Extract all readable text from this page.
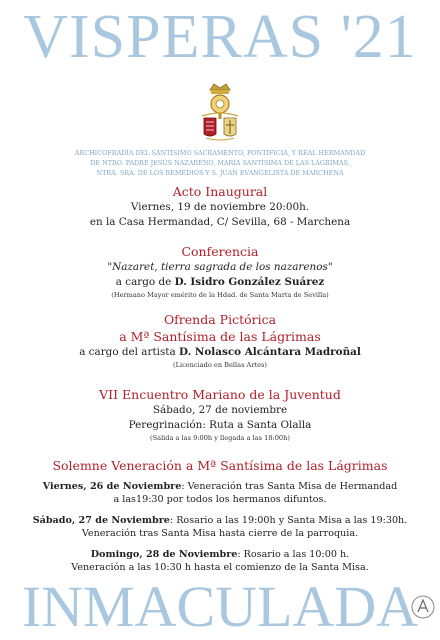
VISPERAS '21
ARCHICOFRADÍA DEL SANTÍSIMO SACRAMENTO, PONTIFICIA, Y REAL HERMANDAD
DE NTRO. PADRE JESÚS NAZARENO, MARÍA SANTÍSIMA DE LAS LÁGRIMAS,
NTRA. SRA. DE LOS REMEDIOS Y S. JUAN EVANGELISTA DE MARCHENA
Acto Inaugural
Viernes, 19 de noviembre 20:00h.
en la Casa Hermandad, C/ Sevilla, 68 - Marchena
Conferencia
"Nazaret, tierra sagrada de los nazarenos"
a cargo de D. Isidro González Suárez
(Hermano Mayor emérito de la Hdad. de Santa Marta de Sevilla)
Ofrenda Pictórica
a Mª Santísima de las Lágrimas
a cargo del artista D. Nolasco Alcántara Madroñal
(Licenciado en Bellas Artes)
VII Encuentro Mariano de la Juventud
Sábado, 27 de noviembre
Peregrinación: Ruta a Santa Olalla
(Salida a las 9:00h y llegada a las 18:00h)
Solemne Veneración a Mª Santísima de las Lágrimas
Viernes, 26 de Noviembre: Veneración tras Santa Misa de Hermandad
a las19:30 por todos los hermanos difuntos.
Sábado, 27 de Noviembre: Rosario a las 19:00h y Santa Misa a las 19:30h.
Veneración tras Santa Misa hasta cierre de la parroquia.
Domingo, 28 de Noviembre: Rosario a las 10:00 h.
Veneración a las 10:30 h hasta el comienzo de la Santa Misa.
INMACULADA
